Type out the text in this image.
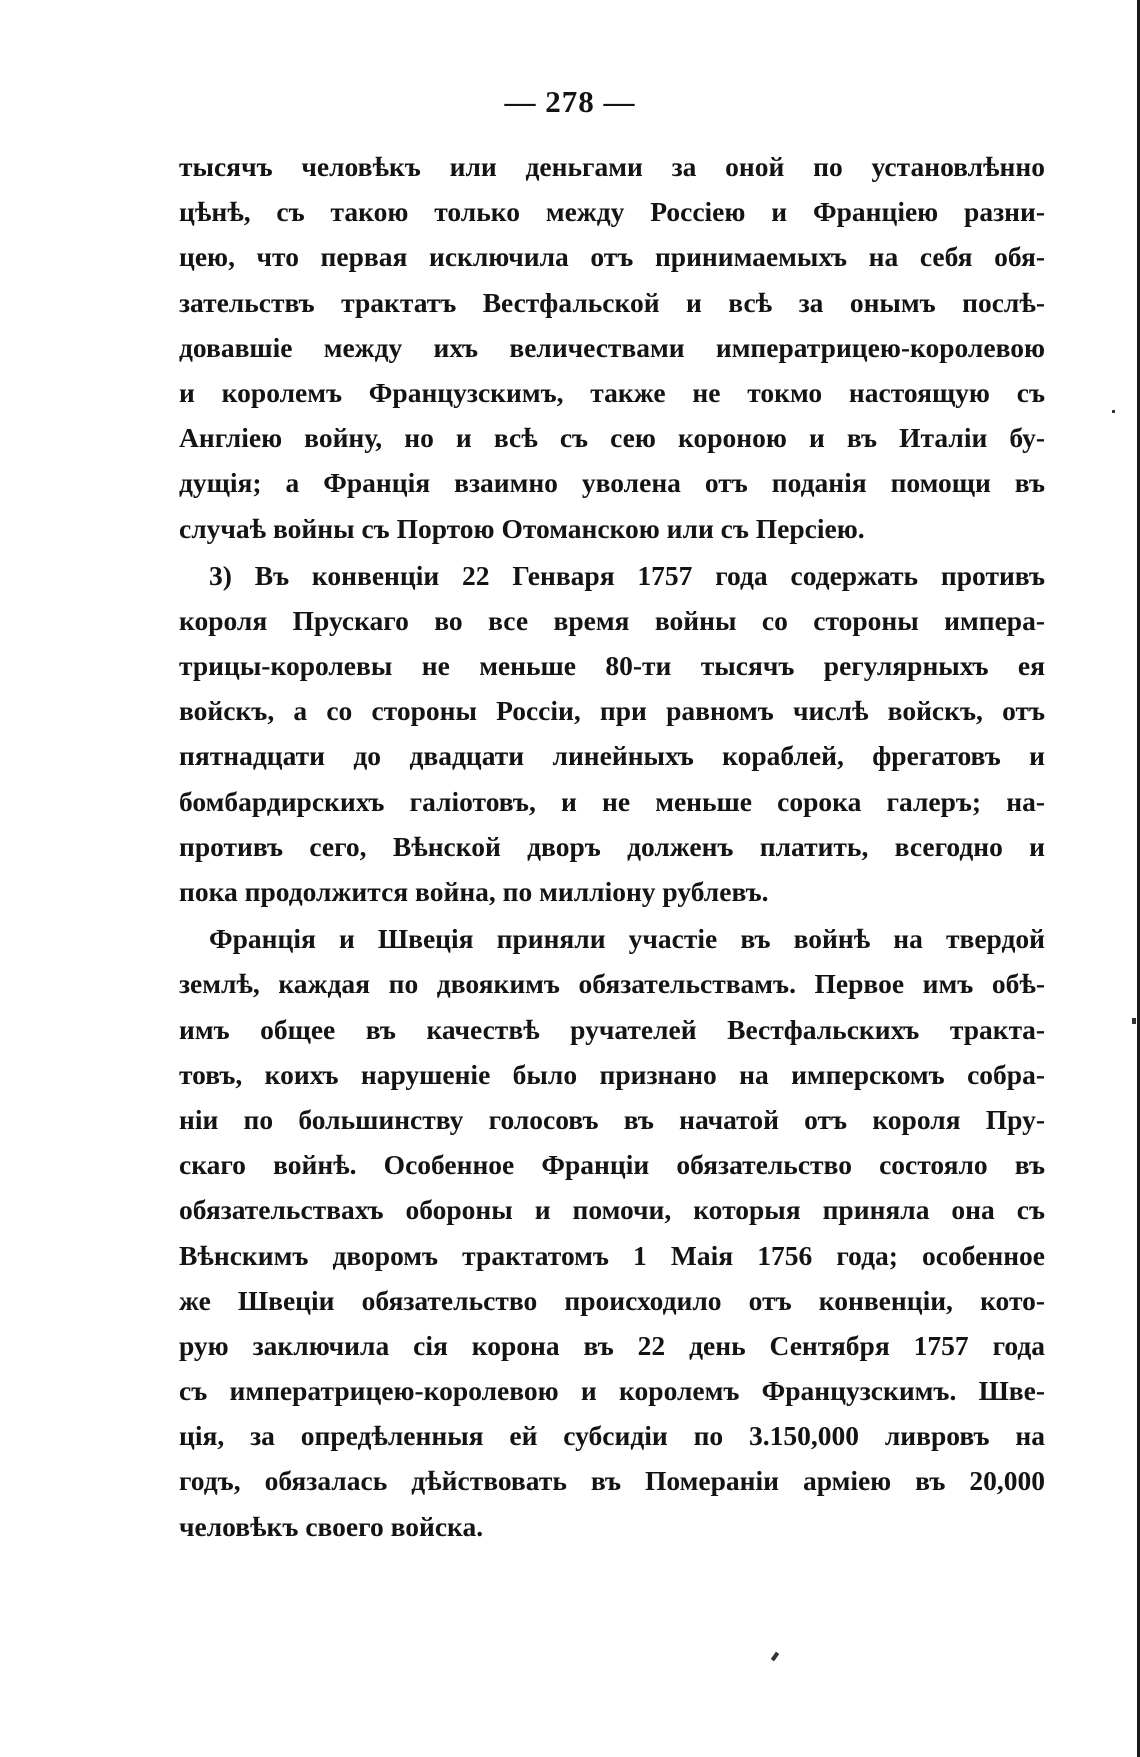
— 278 —
тысячъ человѣкъ или деньгами за оной по установлѣнно
цѣнѣ, съ такою только между Россіею и Франціею разни-
цею, что первая исключила отъ принимаемыхъ на себя обя-
зательствъ трактатъ Вестфальской и всѣ за онымъ послѣ-
довавшіе между ихъ величествами императрицею-королевою
и королемъ Французскимъ, также не токмо настоящую съ
Англіею войну, но и всѣ съ сею короною и въ Италіи бу-
дущія; а Франція взаимно уволена отъ поданія помощи въ
случаѣ войны съ Портою Отоманскою или съ Персіею.
3) Въ конвенціи 22 Генваря 1757 года содержать противъ
короля Прускаго во все время войны со стороны импера-
трицы-королевы не меньше 80-ти тысячъ регулярныхъ ея
войскъ, а со стороны Россіи, при равномъ числѣ войскъ, отъ
пятнадцати до двадцати линейныхъ кораблей, фрегатовъ и
бомбардирскихъ галіотовъ, и не меньше сорока галеръ; на-
противъ сего, Вѣнской дворъ долженъ платить, всегодно и
пока продолжится война, по милліону рублевъ.
Франція и Швеція приняли участіе въ войнѣ на твердой
землѣ, каждая по двоякимъ обязательствамъ. Первое имъ обѣ-
имъ общее въ качествѣ ручателей Вестфальскихъ трактa-
товъ, коихъ нарушеніе было признано на имперскомъ собра-
ніи по большинству голосовъ въ начатой отъ короля Пру-
скаго войнѣ. Особенное Франціи обязательство состояло въ
обязательствахъ обороны и помочи, которыя приняла она съ
Вѣнскимъ дворомъ трактатомъ 1 Маія 1756 года; особенное
же Швеціи обязательство происходило отъ конвенціи, кото-
рую заключила сія корона въ 22 день Сентября 1757 года
съ императрицею-королевою и королемъ Французскимъ. Шве-
ція, за опредѣленныя ей субсидіи по 3.150,000 ливровъ на
годъ, обязалась дѣйствовать въ Помераніи арміею въ 20,000
человѣкъ своего войска.
